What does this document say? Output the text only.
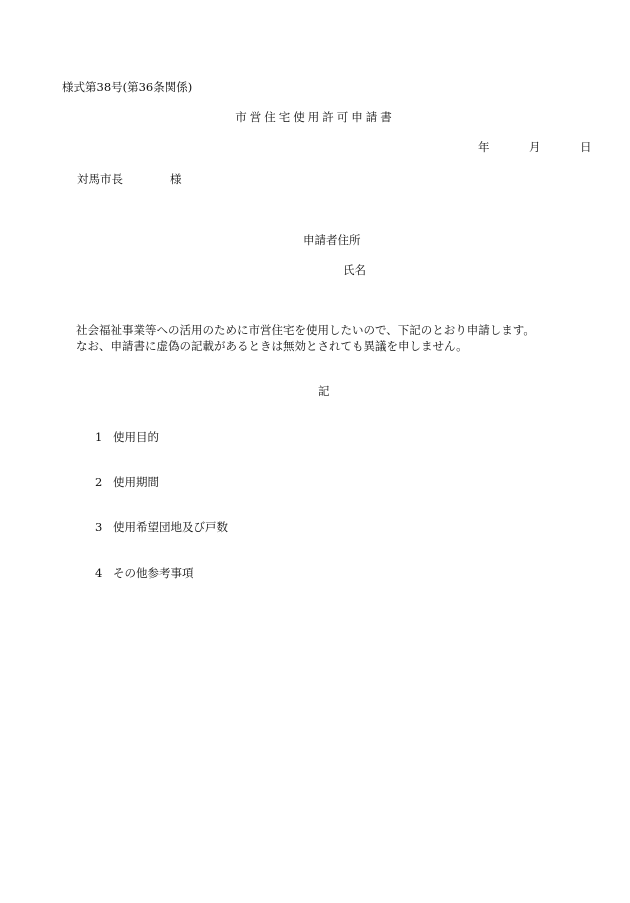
様式第38号(第36条関係)
市営住宅使用許可申請書
年	月	日
対馬市長	様
申請者住所
氏名
社会福祉事業等への活用のために市営住宅を使用したいので、下記のとおり申請します。
なお、申請書に虚偽の記載があるときは無効とされても異議を申しません。
記
1 使用目的
2 使用期間
3 使用希望団地及び戸数
4 その他参考事項
